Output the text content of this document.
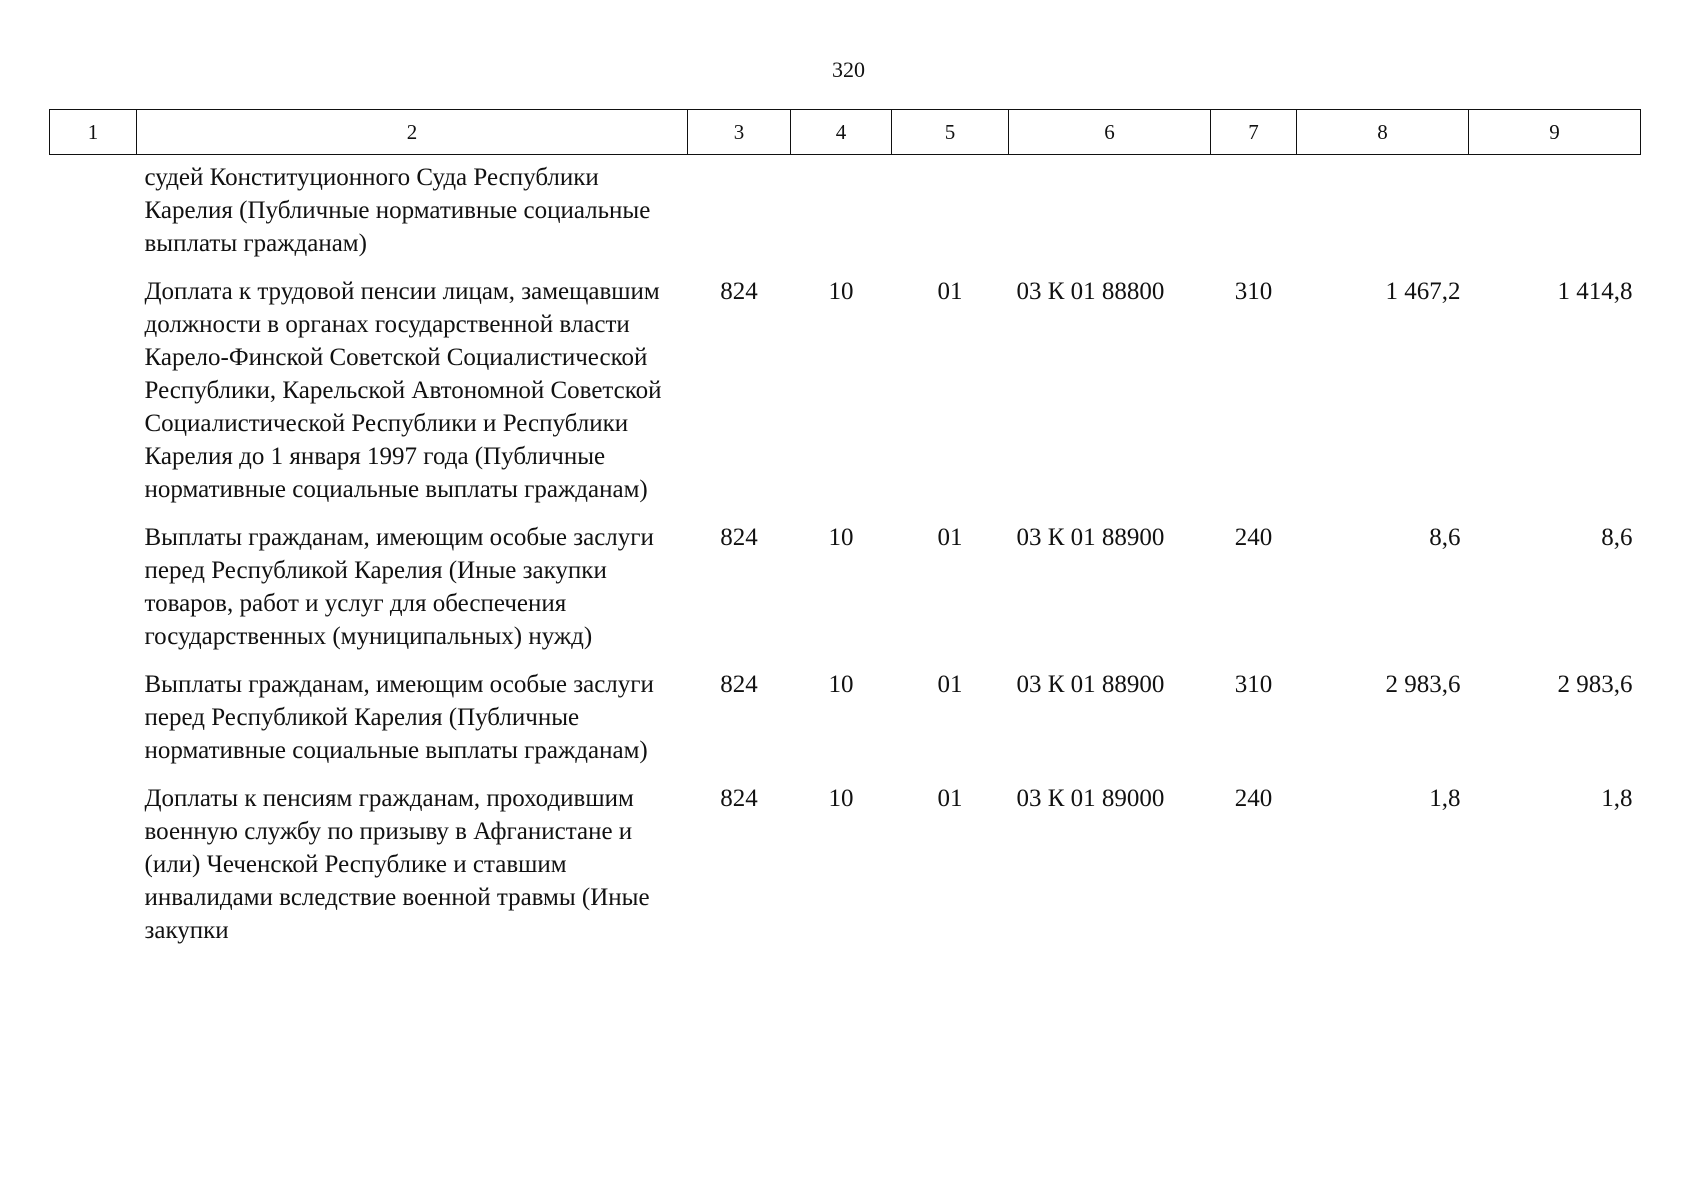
320
1	2	3	4	5	6	7	8	9
	судей Конституционного Суда Республики Карелия (Публичные нормативные социальные выплаты гражданам)							
	Доплата к трудовой пенсии лицам, замещавшим должности в органах государственной власти Карело-Финской Советской Социалистической Республики, Карельской Автономной Советской Социалистической Республики и Республики Карелия до 1 января 1997 года (Публичные нормативные социальные выплаты гражданам)	824	10	01	03 К 01 88800	310	1 467,2	1 414,8
	Выплаты гражданам, имеющим особые заслуги перед Республикой Карелия (Иные закупки товаров, работ и услуг для обеспечения государственных (муниципальных) нужд)	824	10	01	03 К 01 88900	240	8,6	8,6
	Выплаты гражданам, имеющим особые заслуги перед Республикой Карелия (Публичные нормативные социальные выплаты гражданам)	824	10	01	03 К 01 88900	310	2 983,6	2 983,6
	Доплаты к пенсиям гражданам, проходившим военную службу по призыву в Афганистане и (или) Чеченской Республике и ставшим инвалидами вследствие военной травмы (Иные закупки	824	10	01	03 К 01 89000	240	1,8	1,8
